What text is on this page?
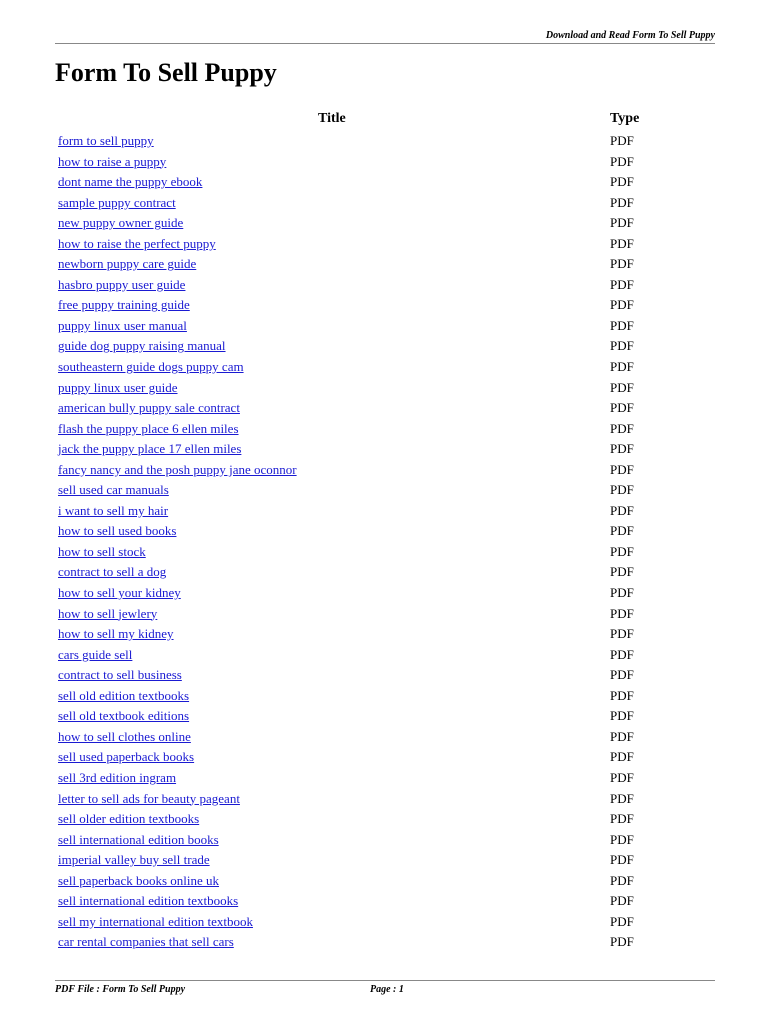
Download and Read Form To Sell Puppy
Form To Sell Puppy
Title	Type
form to sell puppy	PDF
how to raise a puppy	PDF
dont name the puppy ebook	PDF
sample puppy contract	PDF
new puppy owner guide	PDF
how to raise the perfect puppy	PDF
newborn puppy care guide	PDF
hasbro puppy user guide	PDF
free puppy training guide	PDF
puppy linux user manual	PDF
guide dog puppy raising manual	PDF
southeastern guide dogs puppy cam	PDF
puppy linux user guide	PDF
american bully puppy sale contract	PDF
flash the puppy place 6 ellen miles	PDF
jack the puppy place 17 ellen miles	PDF
fancy nancy and the posh puppy jane oconnor	PDF
sell used car manuals	PDF
i want to sell my hair	PDF
how to sell used books	PDF
how to sell stock	PDF
contract to sell a dog	PDF
how to sell your kidney	PDF
how to sell jewlery	PDF
how to sell my kidney	PDF
cars guide sell	PDF
contract to sell business	PDF
sell old edition textbooks	PDF
sell old textbook editions	PDF
how to sell clothes online	PDF
sell used paperback books	PDF
sell 3rd edition ingram	PDF
letter to sell ads for beauty pageant	PDF
sell older edition textbooks	PDF
sell international edition books	PDF
imperial valley buy sell trade	PDF
sell paperback books online uk	PDF
sell international edition textbooks	PDF
sell my international edition textbook	PDF
car rental companies that sell cars	PDF
PDF File : Form To Sell Puppy	Page : 1
